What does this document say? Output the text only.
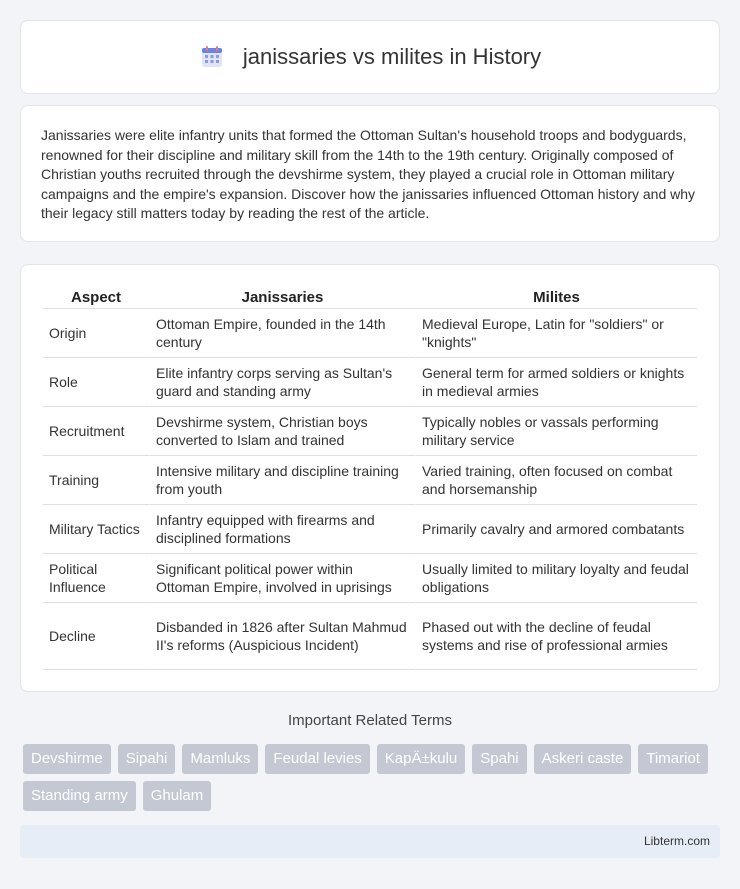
janissaries vs milites in History

Janissaries were elite infantry units that formed the Ottoman Sultan's household troops and bodyguards, renowned for their discipline and military skill from the 14th to the 19th century. Originally composed of Christian youths recruited through the devshirme system, they played a crucial role in Ottoman military campaigns and the empire's expansion. Discover how the janissaries influenced Ottoman history and why their legacy still matters today by reading the rest of the article.

Aspect	Janissaries	Milites
Origin	Ottoman Empire, founded in the 14th century	Medieval Europe, Latin for "soldiers" or "knights"
Role	Elite infantry corps serving as Sultan's guard and standing army	General term for armed soldiers or knights in medieval armies
Recruitment	Devshirme system, Christian boys converted to Islam and trained	Typically nobles or vassals performing military service
Training	Intensive military and discipline training from youth	Varied training, often focused on combat and horsemanship
Military Tactics	Infantry equipped with firearms and disciplined formations	Primarily cavalry and armored combatants
Political Influence	Significant political power within Ottoman Empire, involved in uprisings	Usually limited to military loyalty and feudal obligations
Decline	Disbanded in 1826 after Sultan Mahmud II's reforms (Auspicious Incident)	Phased out with the decline of feudal systems and rise of professional armies
Important Related Terms
Devshirme	Sipahi	Mamluks	Feudal levies	KapÄ±kulu	Spahi	Askeri caste	Timariot
Standing army	Ghulam
Libterm.com
